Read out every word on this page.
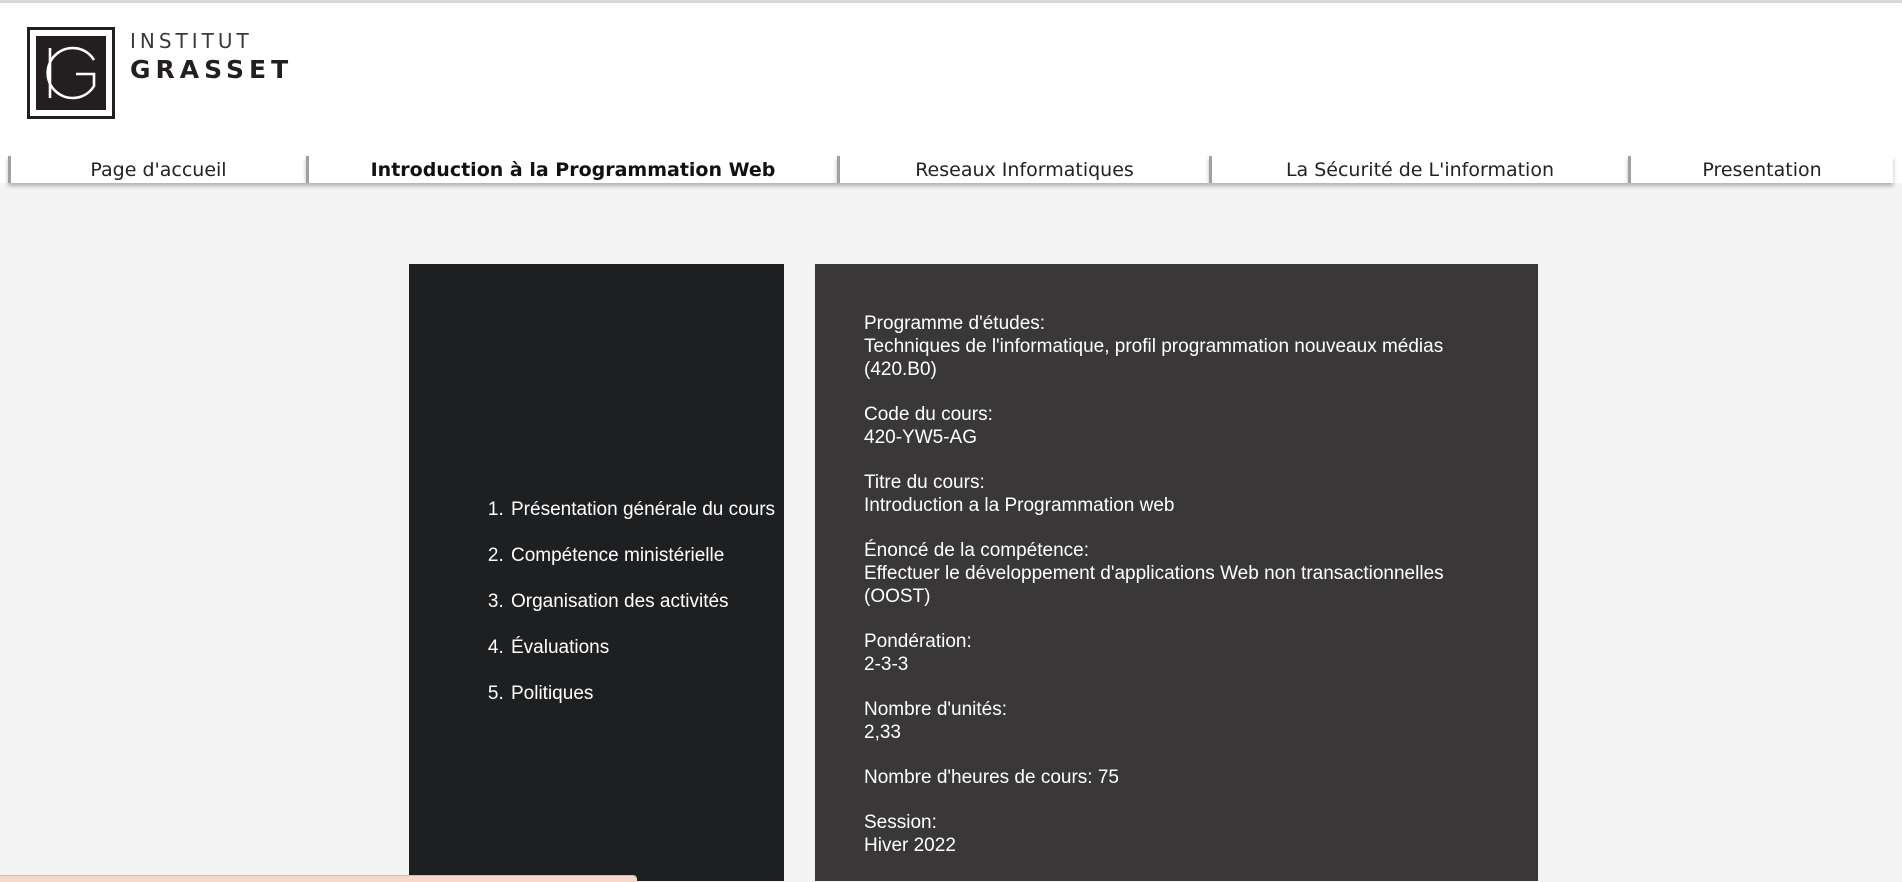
INSTITUT
GRASSET
Page d'accueil	Introduction à la Programmation Web	Reseaux Informatiques	La Sécurité de L'information	Presentation
1. Présentation générale du cours
2. Compétence ministérielle
3. Organisation des activités
4. Évaluations
5. Politiques
Programme d'études:
Techniques de l'informatique, profil programmation nouveaux médias (420.B0)
Code du cours:
420-YW5-AG
Titre du cours:
Introduction a la Programmation web
Énoncé de la compétence:
Effectuer le développement d'applications Web non transactionnelles (OOST)
Pondération:
2-3-3
Nombre d'unités:
2,33
Nombre d'heures de cours: 75
Session:
Hiver 2022
